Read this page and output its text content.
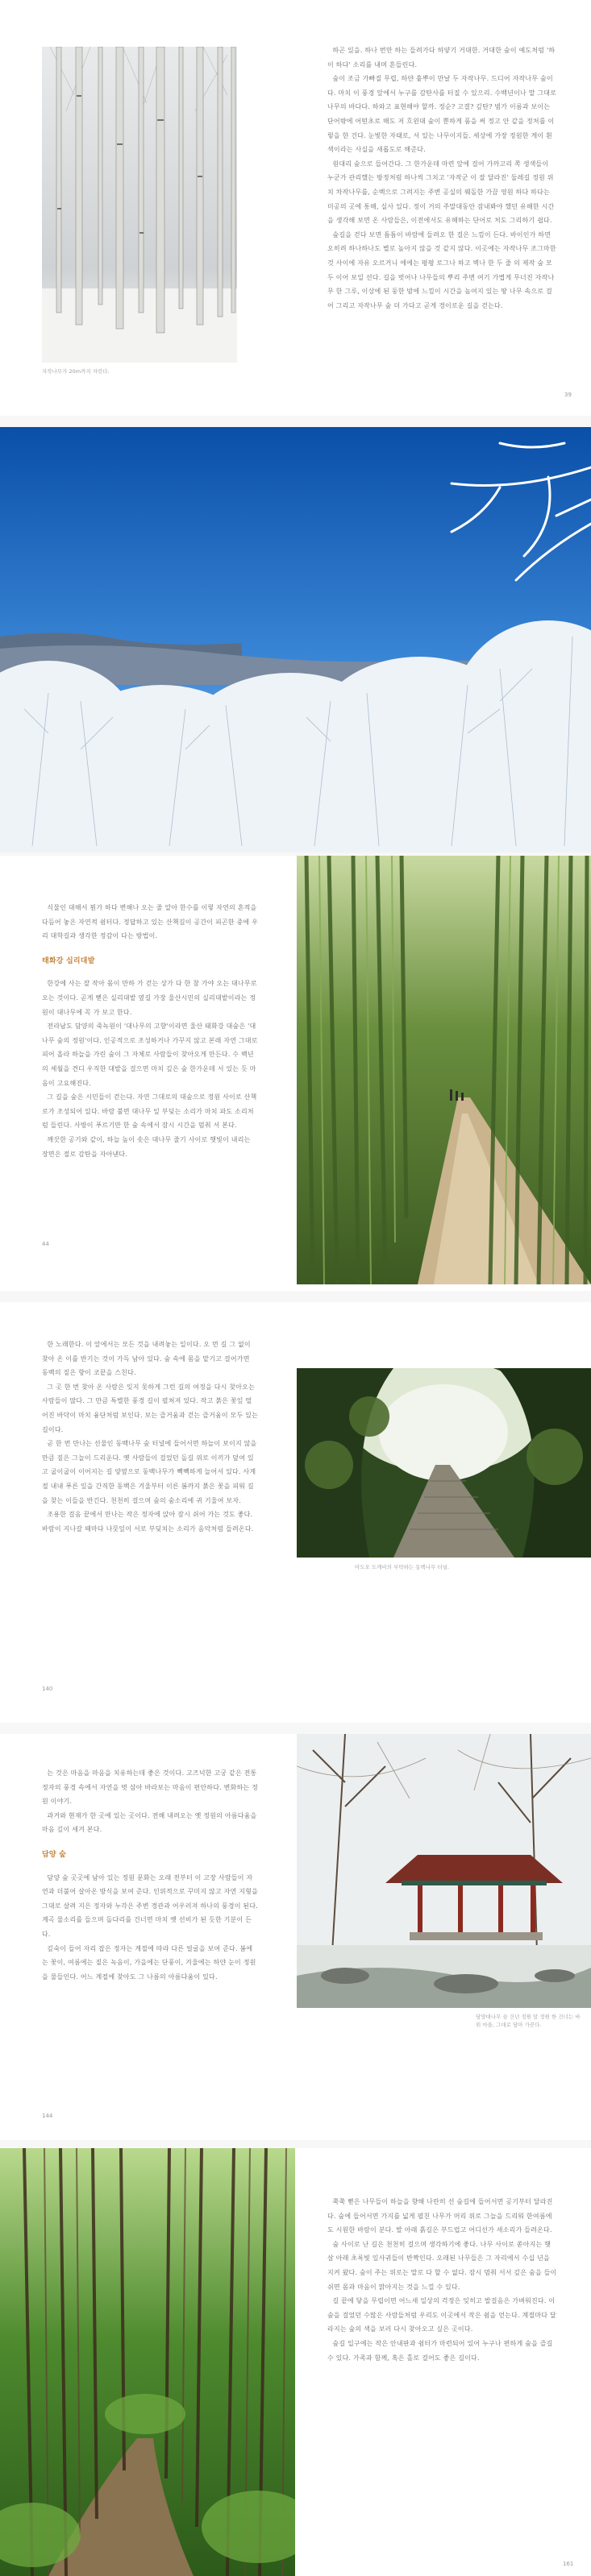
자작나무가 20m까지 자란다.

하곤 있을. 하나 번만 하는 들려가다 하얗기 거대한. 거대한 숲이 예도처럼 '하이 하다' 소리를 내며 흔들린다.

숲이 조금 가빠질 무렵, 하얀 흩뿌이 만날 두 자작나무. 드디어 자작나무 숲이다. 마치 이 풍경 앞에서 누구를 감탄사를 터질 수 있으리. 수백년이나 말 그대로 나무의 바다다. 하와고 표현해야 할까. 정순? 고결? 깊탄? 범가 이름과 보이는 단어밖에 어떤초로 해도 저 흐윈대 숲이 뿐하게 품을 써 정고 안 같을 정처를 이렇을 한 건다. 눈빛한 자태로, 서 있는 나무이지들. 세상에 가장 정원한 게이 흰색이라는 사실을 새롭도로 해준다.

원대리 숲으로 들어간다. 그 한가운데 마련 앞에 걸어 가까고리 쪽 생색들이 누군가 관리했는 방정처럼 하나씩 그치고 '자작군 이 잘 달라진' 둘레길 정원 위치 차작나무를, 순백으로 그려지는 주변 공실의 웨돌한 가끔 영원 하다 하다는 미공의 곳에 통해, 실사 있다. 정이 거의 주말대동안 잠내봐야 했던 유해한 시간을 생각해 보면 온 사람들은, 이전에서도 유해하는 단어로 처도 그리하기 쉽다.

숲길을 걷다 보면 틈틈이 바람에 들려오 한 걸은 느낌이 든다. 바이인가 하면 오히려 하나하나도 별로 높아지 않을 것 같지 않다. 이곳에는 자작나무 조그마한 것 사이에 자유 오르거니 에에는 평평 로그나 하고 벽나 한 두 줄 의 제작 숲 모두 이어 보일 선다. 길을 벗어나 나무들의 뿌리 주변 여기 가볍게 무너진 자작나무 한 그루, 이상에 된 둥한 밤에 느낌이 시간을 높여지 있는 땅 나무 속으로 걸어 그리고 자작나무 숲 더 가다고 곧게 경이로운 길을 걷는다.

39

식물인 대해서 뭔가 하다 변해나 오는 줄 알아 한수를 이렇 자연의 흔적을 다듬어 놓은 자연적 쉼터다. 정답하고 있는 산책길이 공간이 피곤한 중에 우리 대학길과 생각한 정감이 다는 방법이.

태화강 십리대밭

한강에 사는 잘 작아 몸이 만하 가 걷는 상가 다 한 참 가야 오는 대나무로 오는 것이다. 곧게 뻗은 실리대밭 옆길 가장 울산시민의 실리대밭이라는 정원이 대나무에 꼭 가 보고 한다.

전라남도 담양의 죽녹원이 '대나무의 고향'이라면 울산 태화강 대숲은 '대나무 숲의 정원'이다. 인공적으로 조성하거나 가꾸지 않고 본래 자연 그대로 피어 올라 하늘을 가린 숲이 그 자체로 사람들이 찾아오게 만든다. 수 백년의 세월을 견디 우직한 대밭을 걸으면 마치 깊은 숲 한가운데 서 있는 듯 마음이 고요해진다.

그 길을 숲은 시민들이 걷는다. 자연 그대로의 대숲으로 정원 사이로 산책로가 조성되어 있다. 바람 불면 대나무 잎 부딪는 소리가 마치 파도 소리처럼 들린다. 사방이 푸르기만 한 숲 속에서 잠시 시간을 멈춰 서 본다.

깨끗한 공기와 같이, 하늘 높이 솟은 대나무 줄기 사이로 햇빛이 내리는 장면은 절로 감탄을 자아낸다.

44

한 노래한다. 이 앞에서는 모든 것을 내려놓는 일이다. 오 먼 길 그 없이 찾아 온 이를 반기는 것이 가득 남아 있다. 숲 속에 몸을 맡기고 걸어가면 동백의 짙은 향이 코끝을 스친다.

그 곳 한 번 찾아 온 사람은 잊지 못하게 그런 길의 여정을 다시 찾아오는 사람들이 많다. 그 만큼 특별한 풍경 길이 펼쳐져 있다. 작고 붉은 꽃잎 떨어진 바닥이 마치 융단처럼 보인다. 보는 즐거움과 걷는 즐거움이 모두 있는 길이다.

곧 한 번 만나는 선물인 동백나무 숲 터널에 들어서면 하늘이 보이지 않을 만큼 짙은 그늘이 드리운다. 옛 사람들이 걸었던 돌길 위로 이끼가 덮여 있고 굽이굽이 이어지는 길 양옆으로 동백나무가 빽빽하게 늘어서 있다. 사계절 내내 푸른 잎을 간직한 동백은 겨울부터 이른 봄까지 붉은 꽃을 피워 길을 찾는 이들을 반긴다. 천천히 걸으며 숲의 숨소리에 귀 기울여 보자.

조용한 걸음 끝에서 만나는 작은 정자에 앉아 잠시 쉬어 가는 것도 좋다. 바람이 지나갈 때마다 나뭇잎이 서로 부딪치는 소리가 음악처럼 들려온다.

140
아도오 도깨비의 부탁하는 동백나무 터널.

는 것은 마음을 마음을 치유하는데 좋은 것이다. 고즈넉한 고궁 같은 전통 정자의 풍경 속에서 자연을 벗 삼아 바라보는 마음이 편안하다. 변화하는 정원 이야기.

과거와 현재가 한 곳에 있는 곳이다. 전해 내려오는 옛 정원의 아름다움을 마음 깊이 새겨 본다.

담양 숲

담양 숲 곳곳에 남아 있는 정원 문화는 오래 전부터 이 고장 사람들이 자연과 더불어 살아온 방식을 보여 준다. 인위적으로 꾸미지 않고 자연 지형을 그대로 살려 지은 정자와 누각은 주변 경관과 어우러져 하나의 풍경이 된다. 계곡 물소리를 들으며 돌다리를 건너면 마치 옛 선비가 된 듯한 기분이 든다.

깊숙이 들어 자리 잡은 정자는 계절에 따라 다른 얼굴을 보여 준다. 봄에는 꽃이, 여름에는 짙은 녹음이, 가을에는 단풍이, 겨울에는 하얀 눈이 정원을 물들인다. 어느 계절에 찾아도 그 나름의 아름다움이 있다.

144
담양대나무 숲 건넌 정원 앞 정원 한 건너는 바위 마을, 그대로 담아 가꾼다.

쭉쭉 뻗은 나무들이 하늘을 향해 나란히 선 숲길에 들어서면 공기부터 달라진다. 숲에 들어서면 가지를 넓게 펼친 나무가 머리 위로 그늘을 드리워 한여름에도 시원한 바람이 분다. 발 아래 흙길은 부드럽고 어디선가 새소리가 들려온다.

숲 사이로 난 길은 천천히 걸으며 생각하기에 좋다. 나무 사이로 쏟아지는 햇살 아래 초록빛 잎사귀들이 반짝인다. 오래된 나무들은 그 자리에서 수십 년을 지켜 왔다. 숲이 주는 위로는 말로 다 할 수 없다. 잠시 멈춰 서서 깊은 숨을 들이쉬면 몸과 마음이 맑아지는 것을 느낄 수 있다.

길 끝에 닿을 무렵이면 어느새 일상의 걱정은 잊히고 발걸음은 가벼워진다. 이 숲을 걸었던 수많은 사람들처럼 우리도 이곳에서 작은 쉼을 얻는다. 계절마다 달라지는 숲의 색을 보러 다시 찾아오고 싶은 곳이다.

숲길 입구에는 작은 안내판과 쉼터가 마련되어 있어 누구나 편하게 숲을 즐길 수 있다. 가족과 함께, 혹은 홀로 걸어도 좋은 길이다.

161
